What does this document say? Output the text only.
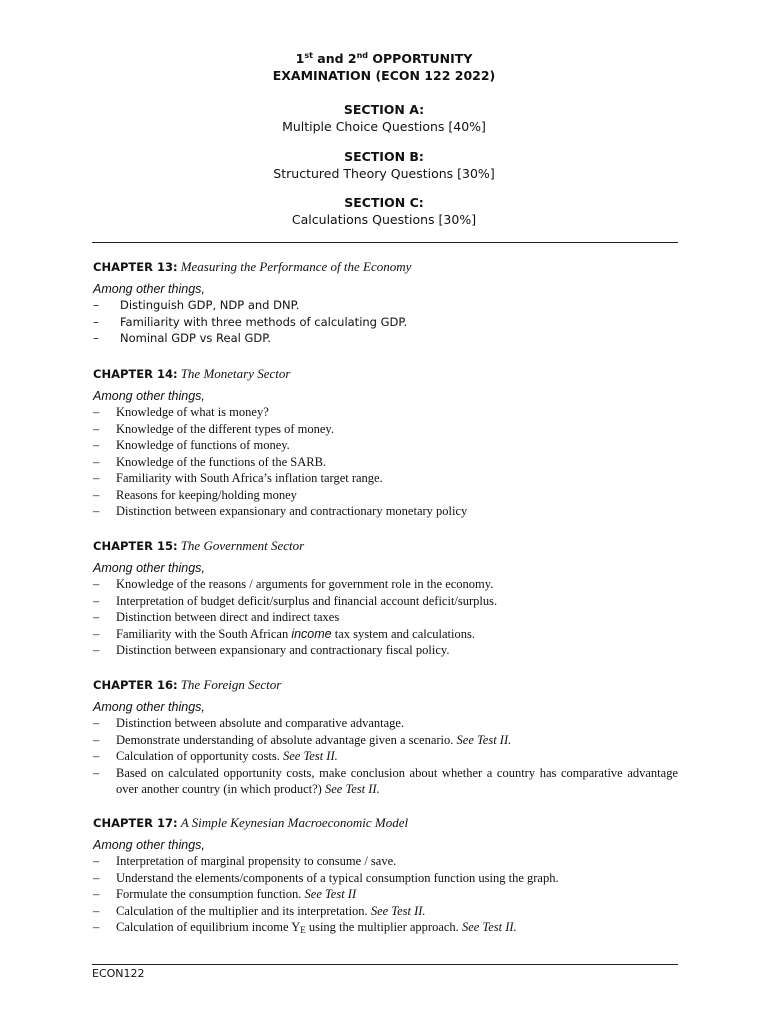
1st and 2nd OPPORTUNITY
EXAMINATION (ECON 122 2022)
SECTION A:
Multiple Choice Questions [40%]
SECTION B:
Structured Theory Questions [30%]
SECTION C:
Calculations Questions [30%]
CHAPTER 13: Measuring the Performance of the Economy
Among other things,
– Distinguish GDP, NDP and DNP.
– Familiarity with three methods of calculating GDP.
– Nominal GDP vs Real GDP.
CHAPTER 14: The Monetary Sector
Among other things,
– Knowledge of what is money?
– Knowledge of the different types of money.
– Knowledge of functions of money.
– Knowledge of the functions of the SARB.
– Familiarity with South Africa’s inflation target range.
– Reasons for keeping/holding money
– Distinction between expansionary and contractionary monetary policy
CHAPTER 15: The Government Sector
Among other things,
– Knowledge of the reasons / arguments for government role in the economy.
– Interpretation of budget deficit/surplus and financial account deficit/surplus.
– Distinction between direct and indirect taxes
– Familiarity with the South African income tax system and calculations.
– Distinction between expansionary and contractionary fiscal policy.
CHAPTER 16: The Foreign Sector
Among other things,
– Distinction between absolute and comparative advantage.
– Demonstrate understanding of absolute advantage given a scenario. See Test II.
– Calculation of opportunity costs. See Test II.
– Based on calculated opportunity costs, make conclusion about whether a country has comparative advantage over another country (in which product?) See Test II.
CHAPTER 17: A Simple Keynesian Macroeconomic Model
Among other things,
– Interpretation of marginal propensity to consume / save.
– Understand the elements/components of a typical consumption function using the graph.
– Formulate the consumption function. See Test II
– Calculation of the multiplier and its interpretation. See Test II.
– Calculation of equilibrium income $Y_E$ using the multiplier approach. See Test II.
ECON122
